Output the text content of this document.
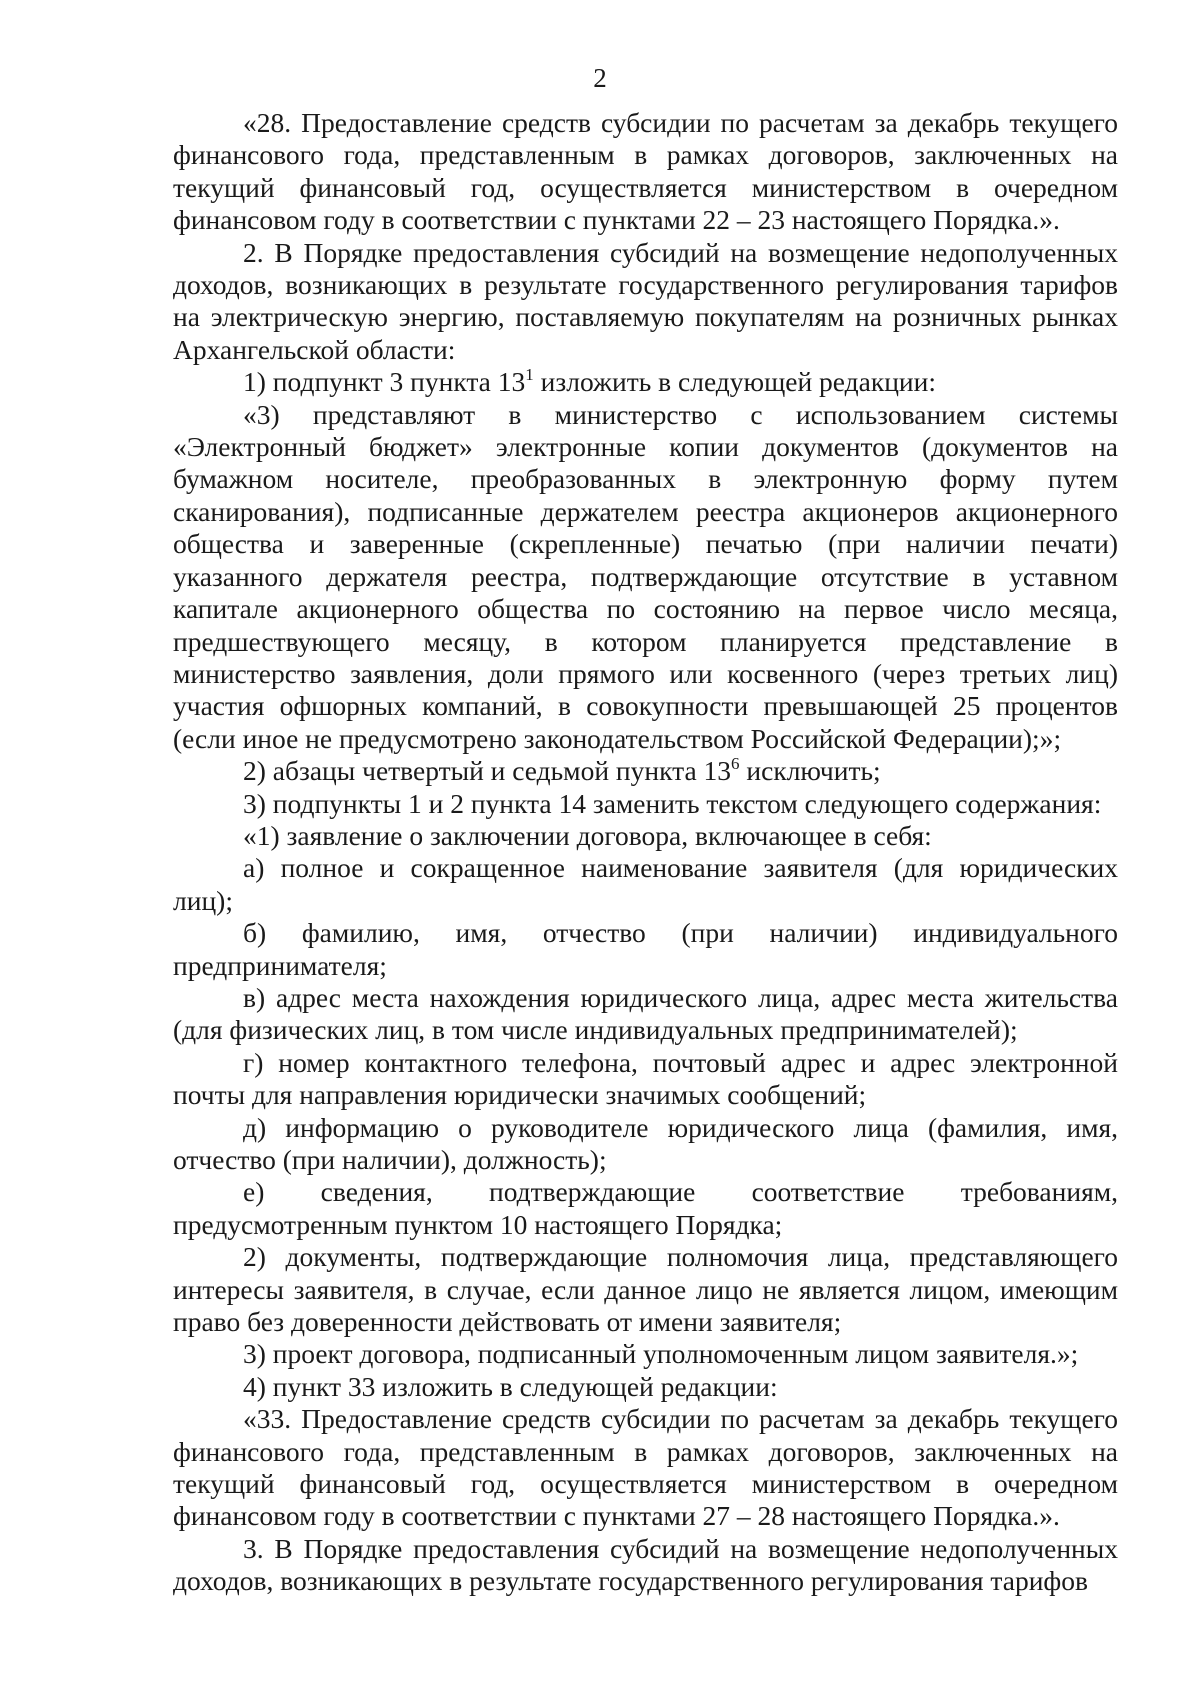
2

«28. Предоставление средств субсидии по расчетам за декабрь текущего финансового года, представленным в рамках договоров, заключенных на текущий финансовый год, осуществляется министерством в очередном финансовом году в соответствии с пунктами 22 – 23 настоящего Порядка.».

2. В Порядке предоставления субсидий на возмещение недополученных доходов, возникающих в результате государственного регулирования тарифов на электрическую энергию, поставляемую покупателям на розничных рынках Архангельской области:

1) подпункт 3 пункта $13^1$ изложить в следующей редакции:

«3) представляют в министерство с использованием системы «Электронный бюджет» электронные копии документов (документов на бумажном носителе, преобразованных в электронную форму путем сканирования), подписанные держателем реестра акционеров акционерного общества и заверенные (скрепленные) печатью (при наличии печати) указанного держателя реестра, подтверждающие отсутствие в уставном капитале акционерного общества по состоянию на первое число месяца, предшествующего месяцу, в котором планируется представление в министерство заявления, доли прямого или косвенного (через третьих лиц) участия офшорных компаний, в совокупности превышающей 25 процентов (если иное не предусмотрено законодательством Российской Федерации);»;

2) абзацы четвертый и седьмой пункта $13^6$ исключить;

3) подпункты 1 и 2 пункта 14 заменить текстом следующего содержания:

«1) заявление о заключении договора, включающее в себя:

а) полное и сокращенное наименование заявителя (для юридических лиц);

б) фамилию, имя, отчество (при наличии) индивидуального предпринимателя;

в) адрес места нахождения юридического лица, адрес места жительства (для физических лиц, в том числе индивидуальных предпринимателей);

г) номер контактного телефона, почтовый адрес и адрес электронной почты для направления юридически значимых сообщений;

д) информацию о руководителе юридического лица (фамилия, имя, отчество (при наличии), должность);

е) сведения, подтверждающие соответствие требованиям, предусмотренным пунктом 10 настоящего Порядка;

2) документы, подтверждающие полномочия лица, представляющего интересы заявителя, в случае, если данное лицо не является лицом, имеющим право без доверенности действовать от имени заявителя;

3) проект договора, подписанный уполномоченным лицом заявителя.»;

4) пункт 33 изложить в следующей редакции:

«33. Предоставление средств субсидии по расчетам за декабрь текущего финансового года, представленным в рамках договоров, заключенных на текущий финансовый год, осуществляется министерством в очередном финансовом году в соответствии с пунктами 27 – 28 настоящего Порядка.».

3. В Порядке предоставления субсидий на возмещение недополученных доходов, возникающих в результате государственного регулирования тарифов
